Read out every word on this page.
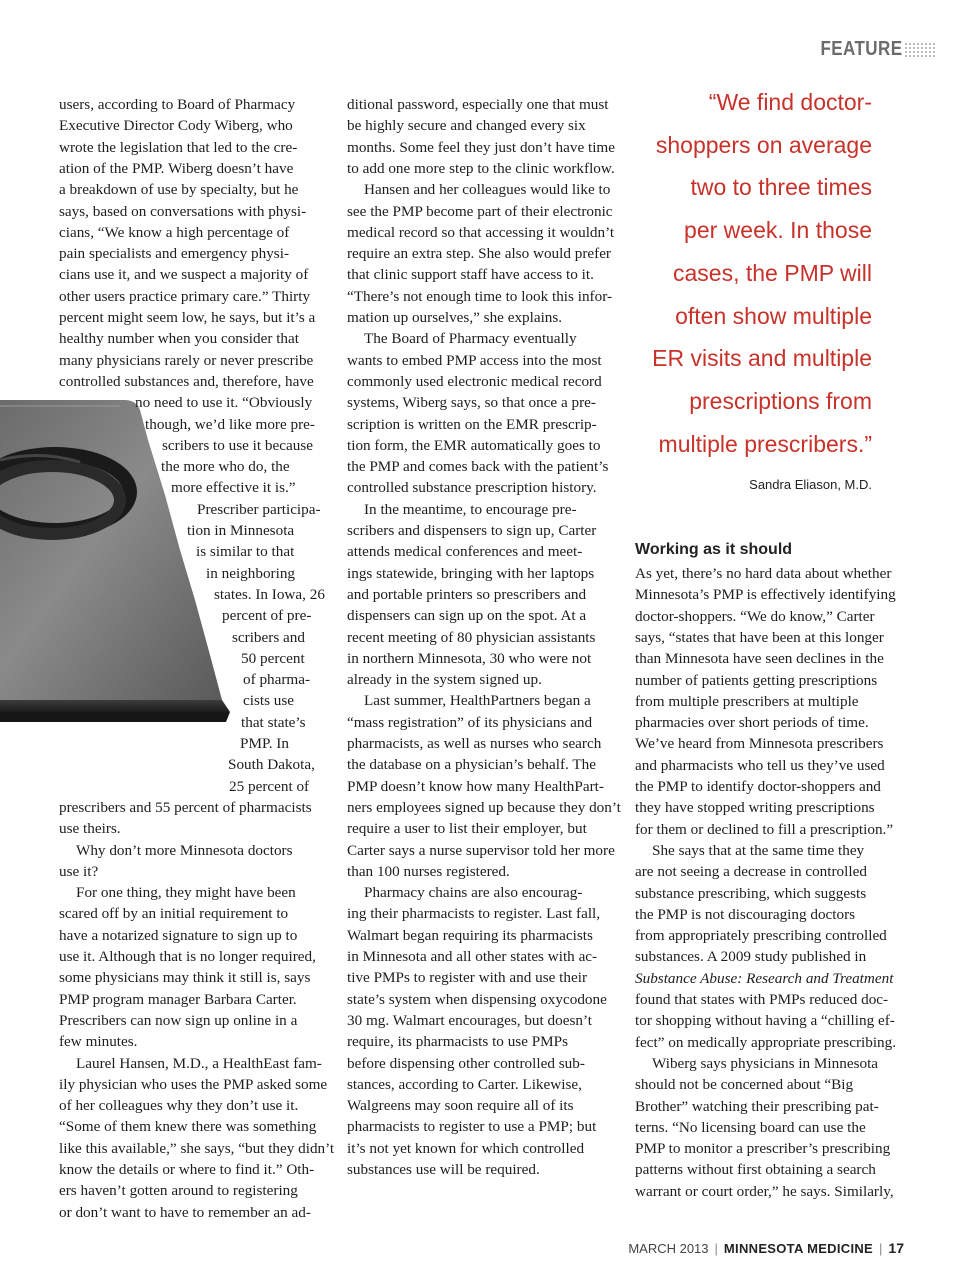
FEATURE
users, according to Board of Pharmacy
Executive Director Cody Wiberg, who
wrote the legislation that led to the cre-
ation of the PMP. Wiberg doesn’t have
a breakdown of use by specialty, but he
says, based on conversations with physi-
cians, “We know a high percentage of
pain specialists and emergency physi-
cians use it, and we suspect a majority of
other users practice primary care.” Thirty
percent might seem low, he says, but it’s a
healthy number when you consider that
many physicians rarely or never prescribe
controlled substances and, therefore, have
no need to use it. “Obviously
though, we’d like more pre-
scribers to use it because
the more who do, the
more effective it is.”
Prescriber participa-
tion in Minnesota
is similar to that
in neighboring
states. In Iowa, 26
percent of pre-
scribers and
50 percent
of pharma-
cists use
that state’s
PMP. In
South Dakota,
25 percent of
prescribers and 55 percent of pharmacists
use theirs.
Why don’t more Minnesota doctors
use it?
For one thing, they might have been
scared off by an initial requirement to
have a notarized signature to sign up to
use it. Although that is no longer required,
some physicians may think it still is, says
PMP program manager Barbara Carter.
Prescribers can now sign up online in a
few minutes.
Laurel Hansen, M.D., a HealthEast fam-
ily physician who uses the PMP asked some
of her colleagues why they don’t use it.
“Some of them knew there was something
like this available,” she says, “but they didn’t
know the details or where to find it.” Oth-
ers haven’t gotten around to registering
or don’t want to have to remember an ad-
ditional password, especially one that must
be highly secure and changed every six
months. Some feel they just don’t have time
to add one more step to the clinic workflow.
Hansen and her colleagues would like to
see the PMP become part of their electronic
medical record so that accessing it wouldn’t
require an extra step. She also would prefer
that clinic support staff have access to it.
“There’s not enough time to look this infor-
mation up ourselves,” she explains.
The Board of Pharmacy eventually
wants to embed PMP access into the most
commonly used electronic medical record
systems, Wiberg says, so that once a pre-
scription is written on the EMR prescrip-
tion form, the EMR automatically goes to
the PMP and comes back with the patient’s
controlled substance prescription history.
In the meantime, to encourage pre-
scribers and dispensers to sign up, Carter
attends medical conferences and meet-
ings statewide, bringing with her laptops
and portable printers so prescribers and
dispensers can sign up on the spot. At a
recent meeting of 80 physician assistants
in northern Minnesota, 30 who were not
already in the system signed up.
Last summer, HealthPartners began a
“mass registration” of its physicians and
pharmacists, as well as nurses who search
the database on a physician’s behalf. The
PMP doesn’t know how many HealthPart-
ners employees signed up because they don’t
require a user to list their employer, but
Carter says a nurse supervisor told her more
than 100 nurses registered.
Pharmacy chains are also encourag-
ing their pharmacists to register. Last fall,
Walmart began requiring its pharmacists
in Minnesota and all other states with ac-
tive PMPs to register with and use their
state’s system when dispensing oxycodone
30 mg. Walmart encourages, but doesn’t
require, its pharmacists to use PMPs
before dispensing other controlled sub-
stances, according to Carter. Likewise,
Walgreens may soon require all of its
pharmacists to register to use a PMP; but
it’s not yet known for which controlled
substances use will be required.
As yet, there’s no hard data about whether
Minnesota’s PMP is effectively identifying
doctor-shoppers. “We do know,” Carter
says, “states that have been at this longer
than Minnesota have seen declines in the
number of patients getting prescriptions
from multiple prescribers at multiple
pharmacies over short periods of time.
We’ve heard from Minnesota prescribers
and pharmacists who tell us they’ve used
the PMP to identify doctor-shoppers and
they have stopped writing prescriptions
for them or declined to fill a prescription.”
She says that at the same time they
are not seeing a decrease in controlled
substance prescribing, which suggests
the PMP is not discouraging doctors
from appropriately prescribing controlled
substances. A 2009 study published in
Substance Abuse: Research and Treatment
found that states with PMPs reduced doc-
tor shopping without having a “chilling ef-
fect” on medically appropriate prescribing.
Wiberg says physicians in Minnesota
should not be concerned about “Big
Brother” watching their prescribing pat-
terns. “No licensing board can use the
PMP to monitor a prescriber’s prescribing
patterns without first obtaining a search
warrant or court order,” he says. Similarly,
“We find doctor-
shoppers on average
two to three times
per week. In those
cases, the PMP will
often show multiple
ER visits and multiple
prescriptions from
multiple prescribers.”
Sandra Eliason, M.D.
Working as it should
MARCH 2013 | MINNESOTA MEDICINE | 17
